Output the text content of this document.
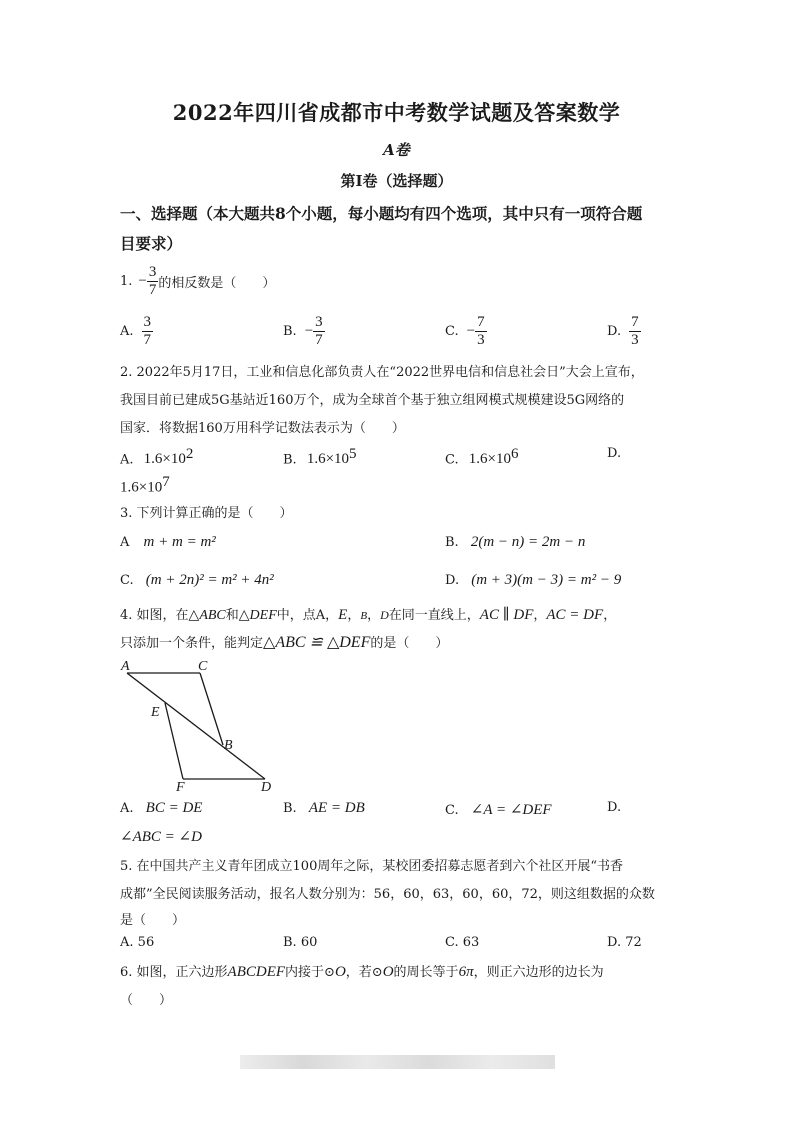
2022年四川省成都市中考数学试题及答案数学
A卷
第Ⅰ卷（选择题）
一、选择题（本大题共8个小题，每小题均有四个选项，其中只有一项符合题
目要求）
1. − $\frac{3}{7}$ 的相反数是（　　）
A. $\frac{3}{7}$	B. − $\frac{3}{7}$	C. − $\frac{7}{3}$	D. $\frac{7}{3}$
2. 2022年5月17日，工业和信息化部负责人在“2022世界电信和信息社会日”大会上宣布，
我国目前已建成5G基站近160万个，成为全球首个基于独立组网模式规模建设5G网络的
国家．将数据160万用科学记数法表示为（　　）
A. $1.6\times 10^2$	B. $1.6\times 10^5$	C. $1.6\times 10^6$	D.
$1.6\times 10^7$
3. 下列计算正确的是（　　）
A m + m = m²	B. 2(m − n) = 2m − n
C. (m + 2n)² = m² + 4n²	D. (m + 3)(m − 3) = m² − 9
4. 如图，在△ABC和△DEF中，点A，E，B，D在同一直线上，AC ∥ DF，AC = DF，
只添加一个条件，能判定△ABC ≌ △DEF的是（　　）
A	C
E
B
F	D
A. BC = DE	B. AE = DB	C. ∠A = ∠DEF	D.
∠ABC = ∠D
5. 在中国共产主义青年团成立100周年之际，某校团委招募志愿者到六个社区开展“书香
成都”全民阅读服务活动，报名人数分别为：56，60，63，60，60，72，则这组数据的众数
是（　　）
A. 56	B. 60	C. 63	D. 72
6. 如图，正六边形ABCDEF内接于⊙O，若⊙O的周长等于6π，则正六边形的边长为
（　　）
